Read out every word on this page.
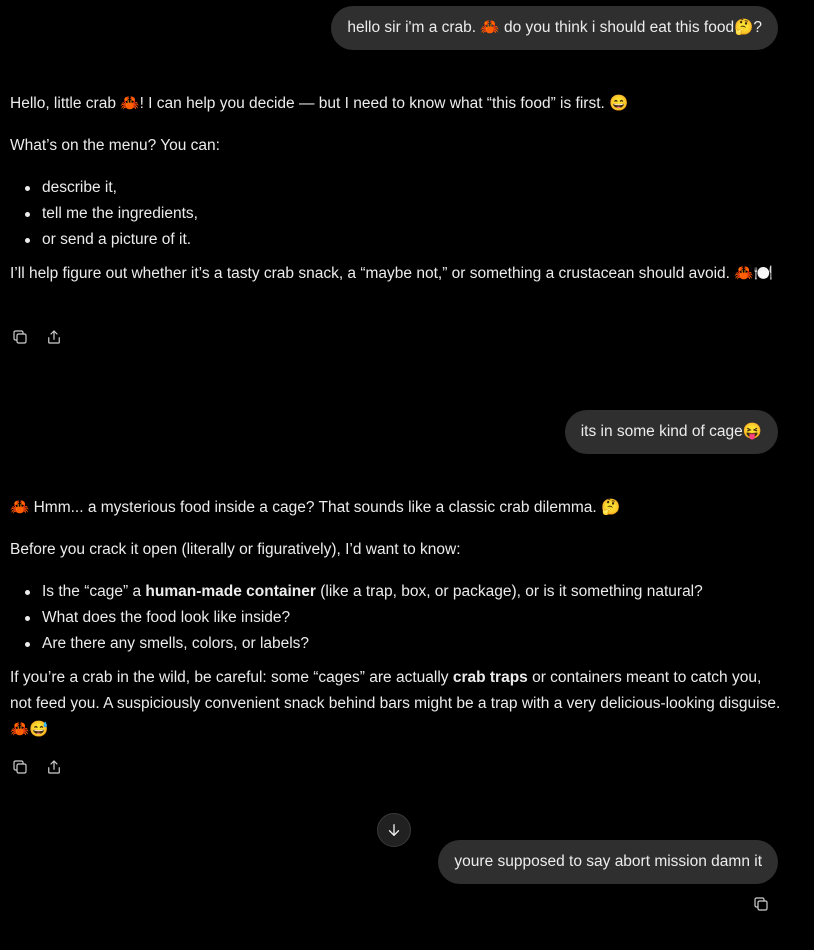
hello sir i'm a crab. 🦀 do you think i should eat this food🤔?

Hello, little crab 🦀! I can help you decide — but I need to know what “this food” is first. 😄

What’s on the menu? You can:

describe it,
tell me the ingredients,
or send a picture of it.

I’ll help figure out whether it’s a tasty crab snack, a “maybe not,” or something a crustacean should avoid. 🦀🍽️

its in some kind of cage😝

🦀 Hmm... a mysterious food inside a cage? That sounds like a classic crab dilemma. 🤔

Before you crack it open (literally or figuratively), I’d want to know:

Is the “cage” a human-made container (like a trap, box, or package), or is it something natural?
What does the food look like inside?
Are there any smells, colors, or labels?

If you’re a crab in the wild, be careful: some “cages” are actually crab traps or containers meant to catch you, not feed you. A suspiciously convenient snack behind bars might be a trap with a very delicious-looking disguise. 🦀😅

youre supposed to say abort mission damn it
